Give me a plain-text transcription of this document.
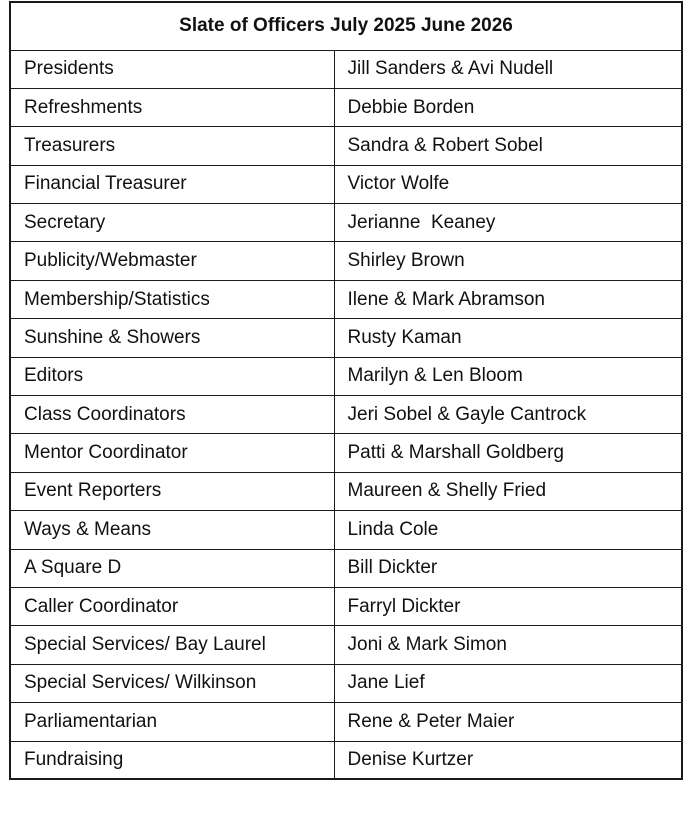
Slate of Officers July 2025 June 2026	
Presidents	Jill Sanders & Avi Nudell
Refreshments	Debbie Borden
Treasurers	Sandra & Robert Sobel
Financial Treasurer	Victor Wolfe
Secretary	Jerianne  Keaney
Publicity/Webmaster	Shirley Brown
Membership/Statistics	Ilene & Mark Abramson
Sunshine & Showers	Rusty Kaman
Editors	Marilyn & Len Bloom
Class Coordinators	Jeri Sobel & Gayle Cantrock
Mentor Coordinator	Patti & Marshall Goldberg
Event Reporters	Maureen & Shelly Fried
Ways & Means	Linda Cole
A Square D	Bill Dickter
Caller Coordinator	Farryl Dickter
Special Services/ Bay Laurel	Joni & Mark Simon
Special Services/ Wilkinson	Jane Lief
Parliamentarian	Rene & Peter Maier
Fundraising	Denise Kurtzer
